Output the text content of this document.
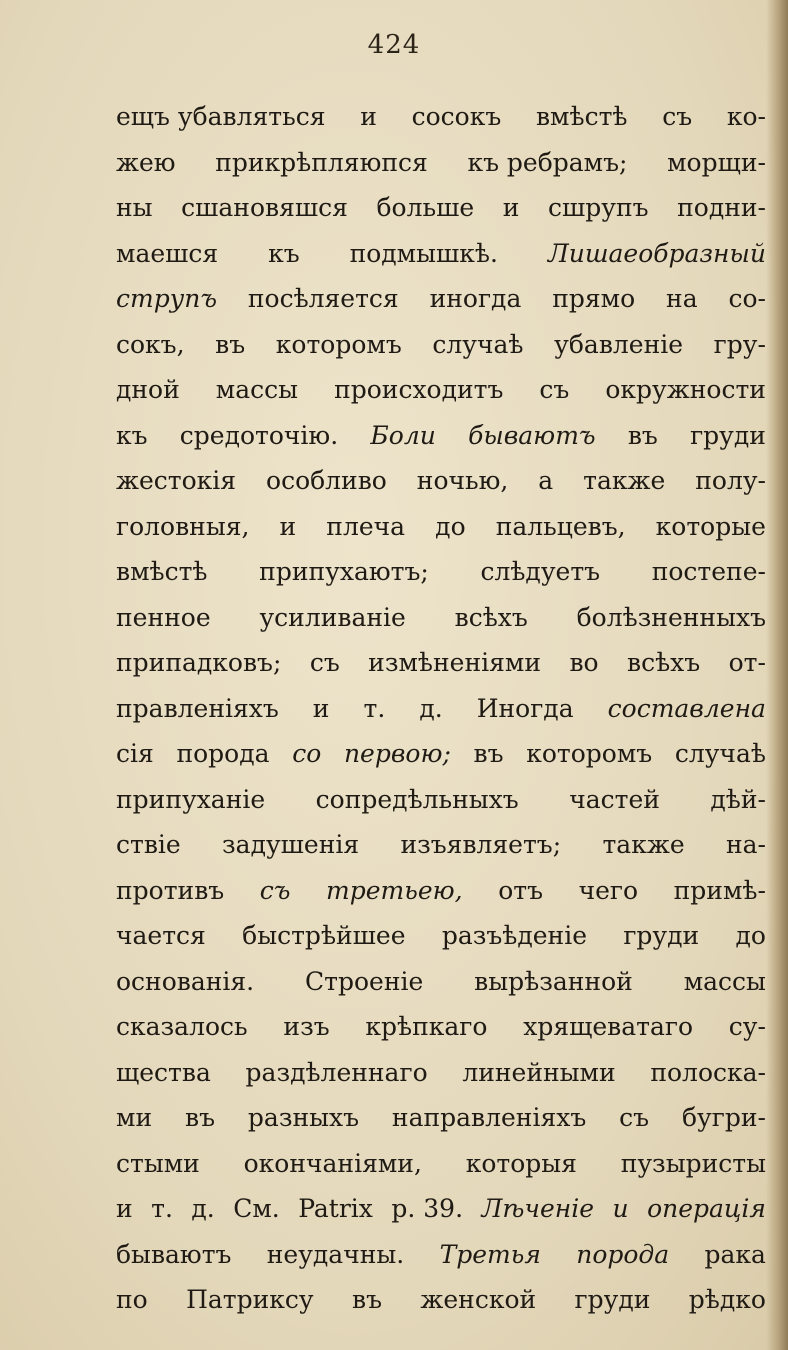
424
ещъ убавляться и сосокъ вмѣстѣ съ ко-
жею прикрѣпляюпся къ ребрамъ; морщи-
ны сшановяшся больше и сшрупъ подни-
маешся къ подмышкѣ. Лишаеобразный
струпъ посѣляется иногда прямо на со-
сокъ, въ которомъ случаѣ убавленіе гру-
дной массы происходитъ съ окружности
къ средоточію. Боли бываютъ въ груди
жестокія особливо ночью, а также полу-
головныя, и плеча до пальцевъ, которые
вмѣстѣ припухаютъ; слѣдуетъ постепе-
пенное усиливаніе всѣхъ болѣзненныхъ
припадковъ; съ измѣненіями во всѣхъ от-
правленіяхъ и т. д. Иногда составлена
сія порода со первою; въ которомъ случаѣ
припуханіе сопредѣльныхъ частей дѣй-
ствіе задушенія изъявляетъ; также на-
противъ съ третьею, отъ чего примѣ-
чается быстрѣйшее разъѣденіе груди до
основанія. Строеніе вырѣзанной массы
сказалось изъ крѣпкаго хрящеватаго су-
щества раздѣленнаго линейными полоска-
ми въ разныхъ направленіяхъ съ бугри-
стыми окончаніями, которыя пузыристы
и т. д. См. Patrix p. 39. Лѣченіе и операція
бываютъ неудачны. Третья порода рака
по Патриксу въ женской груди рѣдко
